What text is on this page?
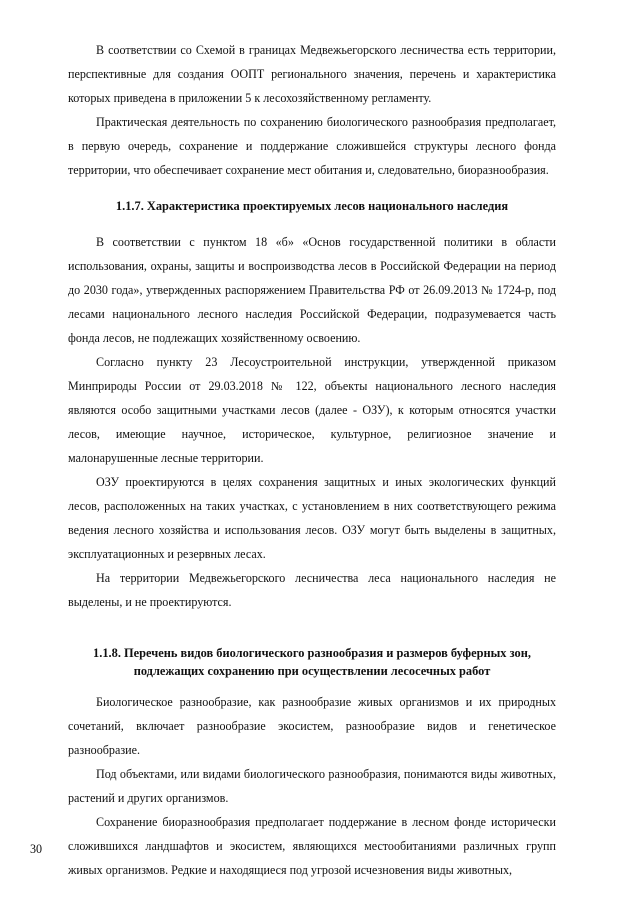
В соответствии со Схемой в границах Медвежьегорского лесничества есть территории, перспективные для создания ООПТ регионального значения, перечень и характеристика которых приведена в приложении 5 к лесохозяйственному регламенту.

Практическая деятельность по сохранению биологического разнообразия предполагает, в первую очередь, сохранение и поддержание сложившейся структуры лесного фонда территории, что обеспечивает сохранение мест обитания и, следовательно, биоразнообразия.

1.1.7. Характеристика проектируемых лесов национального наследия

В соответствии с пунктом 18 «б» «Основ государственной политики в области использования, охраны, защиты и воспроизводства лесов в Российской Федерации на период до 2030 года», утвержденных распоряжением Правительства РФ от 26.09.2013 № 1724-р, под лесами национального лесного наследия Российской Федерации, подразумевается часть фонда лесов, не подлежащих хозяйственному освоению.

Согласно пункту 23 Лесоустроительной инструкции, утвержденной приказом Минприроды России от 29.03.2018 № 122, объекты национального лесного наследия являются особо защитными участками лесов (далее - ОЗУ), к которым относятся участки лесов, имеющие научное, историческое, культурное, религиозное значение и малонарушенные лесные территории.

ОЗУ проектируются в целях сохранения защитных и иных экологических функций лесов, расположенных на таких участках, с установлением в них соответствующего режима ведения лесного хозяйства и использования лесов. ОЗУ могут быть выделены в защитных, эксплуатационных и резервных лесах.

На территории Медвежьегорского лесничества леса национального наследия не выделены, и не проектируются.

1.1.8. Перечень видов биологического разнообразия и размеров буферных зон,
подлежащих сохранению при осуществлении лесосечных работ

Биологическое разнообразие, как разнообразие живых организмов и их природных сочетаний, включает разнообразие экосистем, разнообразие видов и генетическое разнообразие.

Под объектами, или видами биологического разнообразия, понимаются виды животных, растений и других организмов.

Сохранение биоразнообразия предполагает поддержание в лесном фонде исторически сложившихся ландшафтов и экосистем, являющихся местообитаниями различных групп живых организмов. Редкие и находящиеся под угрозой исчезновения виды животных,

30
